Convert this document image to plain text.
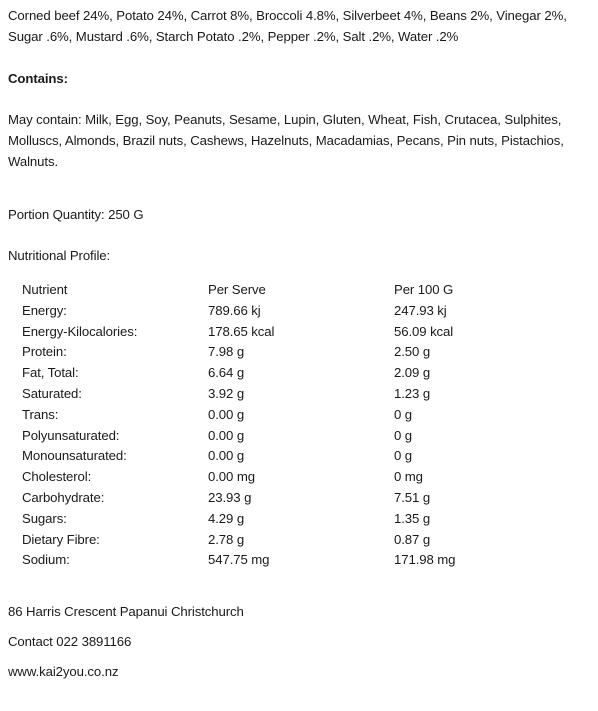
Corned beef 24%, Potato 24%, Carrot 8%, Broccoli 4.8%, Silverbeet 4%, Beans 2%, Vinegar 2%, Sugar .6%, Mustard .6%, Starch Potato .2%, Pepper .2%, Salt .2%, Water .2%

Contains:

May contain: Milk, Egg, Soy, Peanuts, Sesame, Lupin, Gluten, Wheat, Fish, Crutacea, Sulphites, Molluscs, Almonds, Brazil nuts, Cashews, Hazelnuts, Macadamias, Pecans, Pin nuts, Pistachios, Walnuts.

Portion Quantity: 250 G

Nutritional Profile:

Nutrient	Per Serve	Per 100 G
Energy:	789.66 kj	247.93 kj
Energy-Kilocalories:	178.65 kcal	56.09 kcal
Protein:	7.98 g	2.50 g
Fat, Total:	6.64 g	2.09 g
Saturated:	3.92 g	1.23 g
Trans:	0.00 g	0 g
Polyunsaturated:	0.00 g	0 g
Monounsaturated:	0.00 g	0 g
Cholesterol:	0.00 mg	0 mg
Carbohydrate:	23.93 g	7.51 g
Sugars:	4.29 g	1.35 g
Dietary Fibre:	2.78 g	0.87 g
Sodium:	547.75 mg	171.98 mg

86 Harris Crescent Papanui Christchurch

Contact 022 3891166

www.kai2you.co.nz
